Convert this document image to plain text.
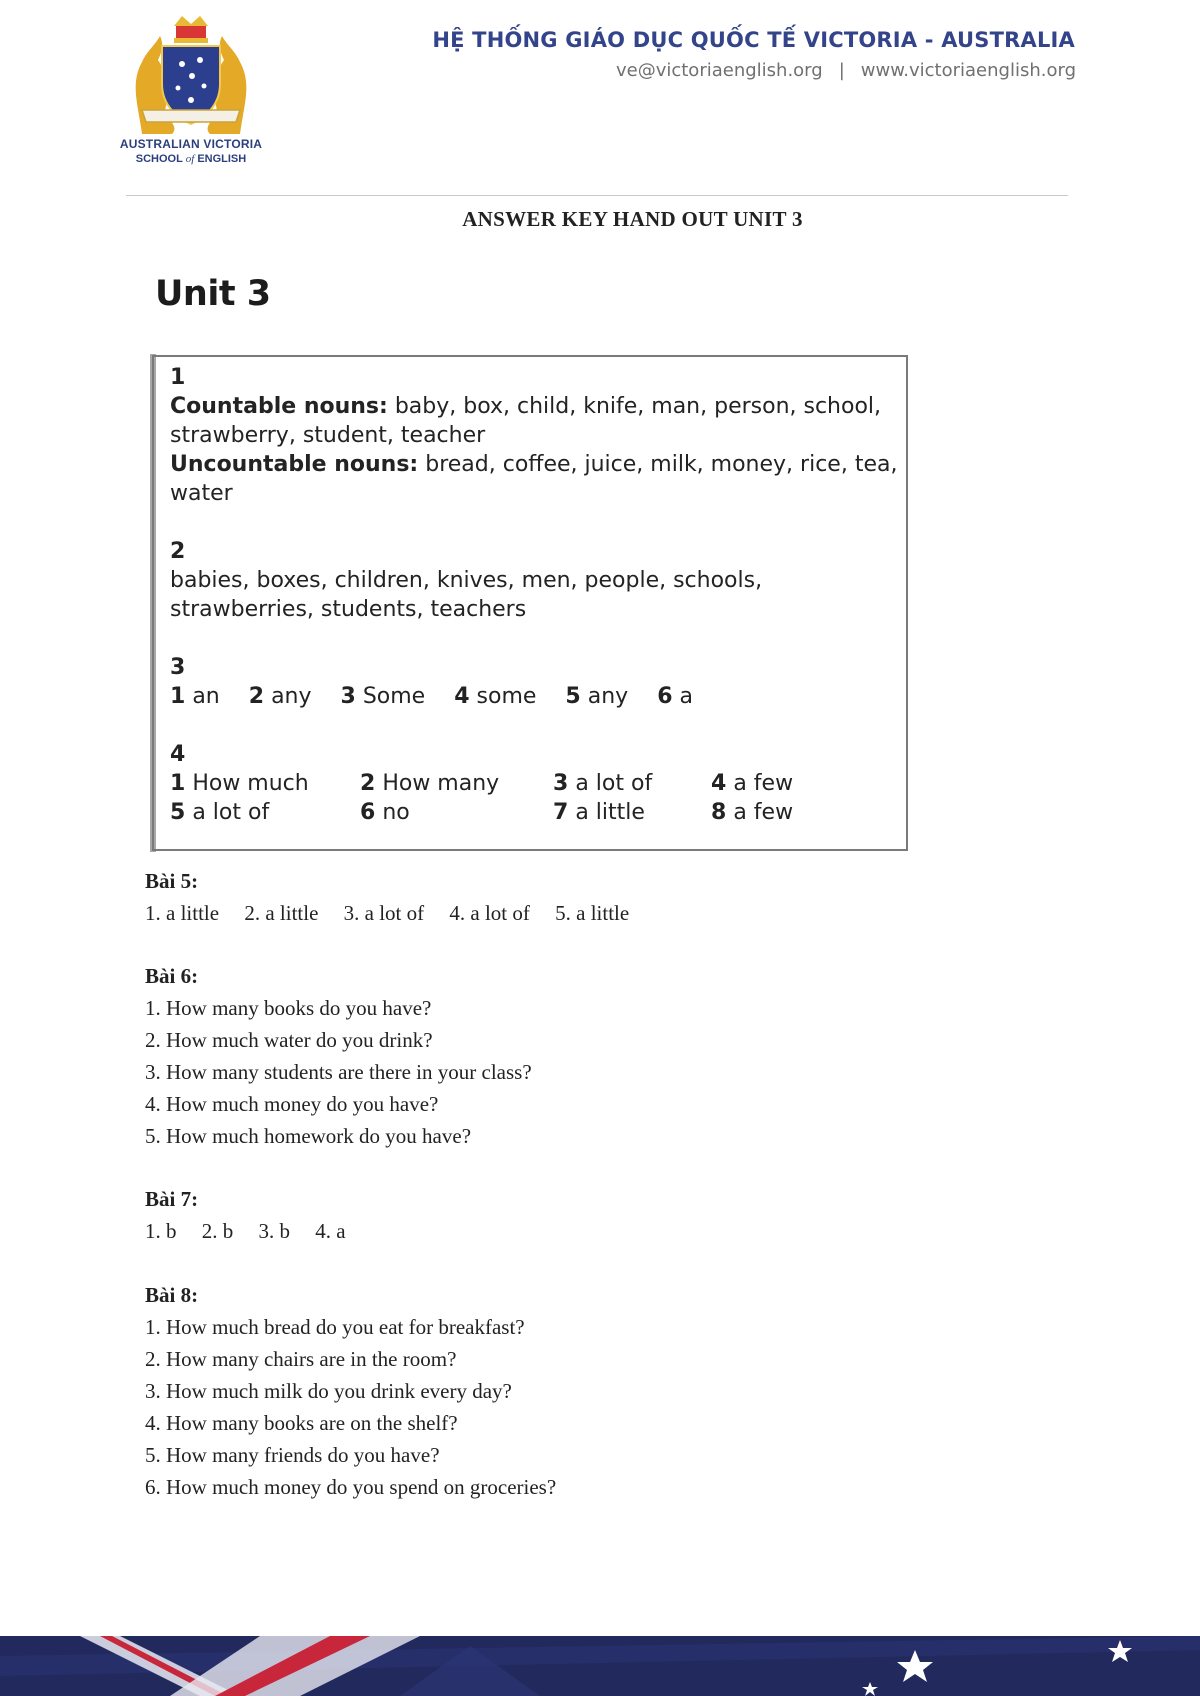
AUSTRALIAN VICTORIA
SCHOOL of ENGLISH
HỆ THỐNG GIÁO DỤC QUỐC TẾ VICTORIA - AUSTRALIA
ve@victoriaenglish.org | www.victoriaenglish.org
ANSWER KEY HAND OUT UNIT 3
Unit 3
1
Countable nouns: baby, box, child, knife, man, person, school, strawberry, student, teacher
Uncountable nouns: bread, coffee, juice, milk, money, rice, tea, water
2
babies, boxes, children, knives, men, people, schools, strawberries, students, teachers
3
1 an 2 any 3 Some 4 some 5 any 6 a
4
1 How much	2 How many	3 a lot of	4 a few
5 a lot of	6 no	7 a little	8 a few
Bài 5:
1. a little 2. a little 3. a lot of 4. a lot of 5. a little
Bài 6:
1. How many books do you have?
2. How much water do you drink?
3. How many students are there in your class?
4. How much money do you have?
5. How much homework do you have?
Bài 7:
1. b 2. b 3. b 4. a
Bài 8:
1. How much bread do you eat for breakfast?
2. How many chairs are in the room?
3. How much milk do you drink every day?
4. How many books are on the shelf?
5. How many friends do you have?
6. How much money do you spend on groceries?
